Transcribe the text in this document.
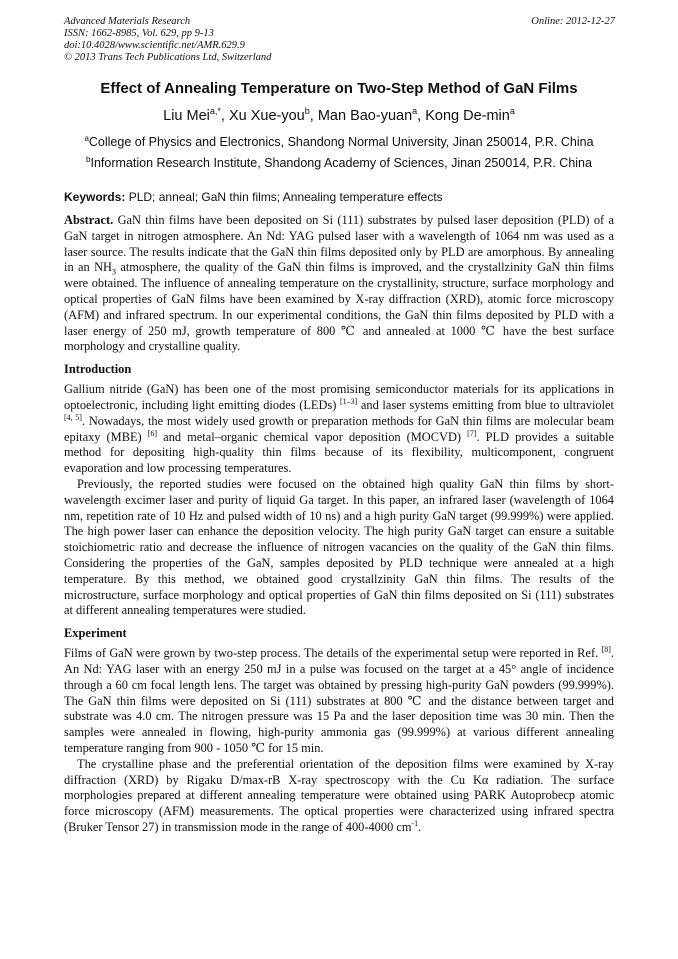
Advanced Materials Research
ISSN: 1662-8985, Vol. 629, pp 9-13
doi:10.4028/www.scientific.net/AMR.629.9
© 2013 Trans Tech Publications Ltd, Switzerland
Online: 2012-12-27
Effect of Annealing Temperature on Two-Step Method of GaN Films
Liu Mei$^{a,*}$, Xu Xue-you$^b$, Man Bao-yuan$^a$, Kong $De-\min^a$
$^a$College of Physics and Electronics, Shandong Normal University, Jinan 250014, P.R. China
$^b$Information Research Institute, Shandong Academy of Sciences, Jinan 250014, P.R. China
Keywords: PLD; anneal; GaN thin films; Annealing temperature effects

Abstract. GaN thin films have been deposited on Si (111) substrates by pulsed laser deposition (PLD) of a GaN target in nitrogen atmosphere. An Nd: YAG pulsed laser with a wavelength of 1064 nm was used as a laser source. The results indicate that the GaN thin films deposited only by PLD are amorphous. By annealing in an $NH_3$ atmosphere, the quality of the GaN thin films is improved, and the crystallzinity GaN thin films were obtained. The influence of annealing temperature on the crystallinity, structure, surface morphology and optical properties of GaN films have been examined by X-ray diffraction (XRD), atomic force microscopy (AFM) and infrared spectrum. In our experimental conditions, the GaN thin films deposited by PLD with a laser energy of 250 mJ, growth temperature of 800 ℃ and annealed at 1000 ℃ have the best surface morphology and crystalline quality.

Introduction

Gallium nitride (GaN) has been one of the most promising semiconductor materials for its applications in optoelectronic, including light emitting diodes (LEDs) [1–3] and laser systems emitting from blue to ultraviolet [4, 5]. Nowadays, the most widely used growth or preparation methods for GaN thin films are molecular beam epitaxy (MBE) [6] and metal–organic chemical vapor deposition (MOCVD) [7]. PLD provides a suitable method for depositing high-quality thin films because of its flexibility, multicomponent, congruent evaporation and low processing temperatures.

Previously, the reported studies were focused on the obtained high quality GaN thin films by short-wavelength excimer laser and purity of liquid Ga target. In this paper, an infrared laser (wavelength of 1064 nm, repetition rate of 10 Hz and pulsed width of 10 ns) and a high purity GaN target (99.999%) were applied. The high power laser can enhance the deposition velocity. The high purity GaN target can ensure a suitable stoichiometric ratio and decrease the influence of nitrogen vacancies on the quality of the GaN thin films. Considering the properties of the GaN, samples deposited by PLD technique were annealed at a high temperature. By this method, we obtained good crystallzinity GaN thin films. The results of the microstructure, surface morphology and optical properties of GaN thin films deposited on Si (111) substrates at different annealing temperatures were studied.

Experiment

Films of GaN were grown by two-step process. The details of the experimental setup were reported in Ref. [8]. An Nd: YAG laser with an energy 250 mJ in a pulse was focused on the target at a 45° angle of incidence through a 60 cm focal length lens. The target was obtained by pressing high-purity GaN powders (99.999%). The GaN thin films were deposited on Si (111) substrates at 800 ℃ and the distance between target and substrate was 4.0 cm. The nitrogen pressure was 15 Pa and the laser deposition time was 30 min. Then the samples were annealed in flowing, high-purity ammonia gas (99.999%) at various different annealing temperature ranging from 900 - 1050 ℃ for 15 min.

The crystalline phase and the preferential orientation of the deposition films were examined by X-ray diffraction (XRD) by Rigaku D/max-rB X-ray spectroscopy with the Cu Kα radiation. The surface morphologies prepared at different annealing temperature were obtained using PARK Autoprobecp atomic force microscopy (AFM) measurements. The optical properties were characterized using infrared spectra (Bruker Tensor 27) in transmission mode in the range of 400-4000 cm$^{-1}$.
